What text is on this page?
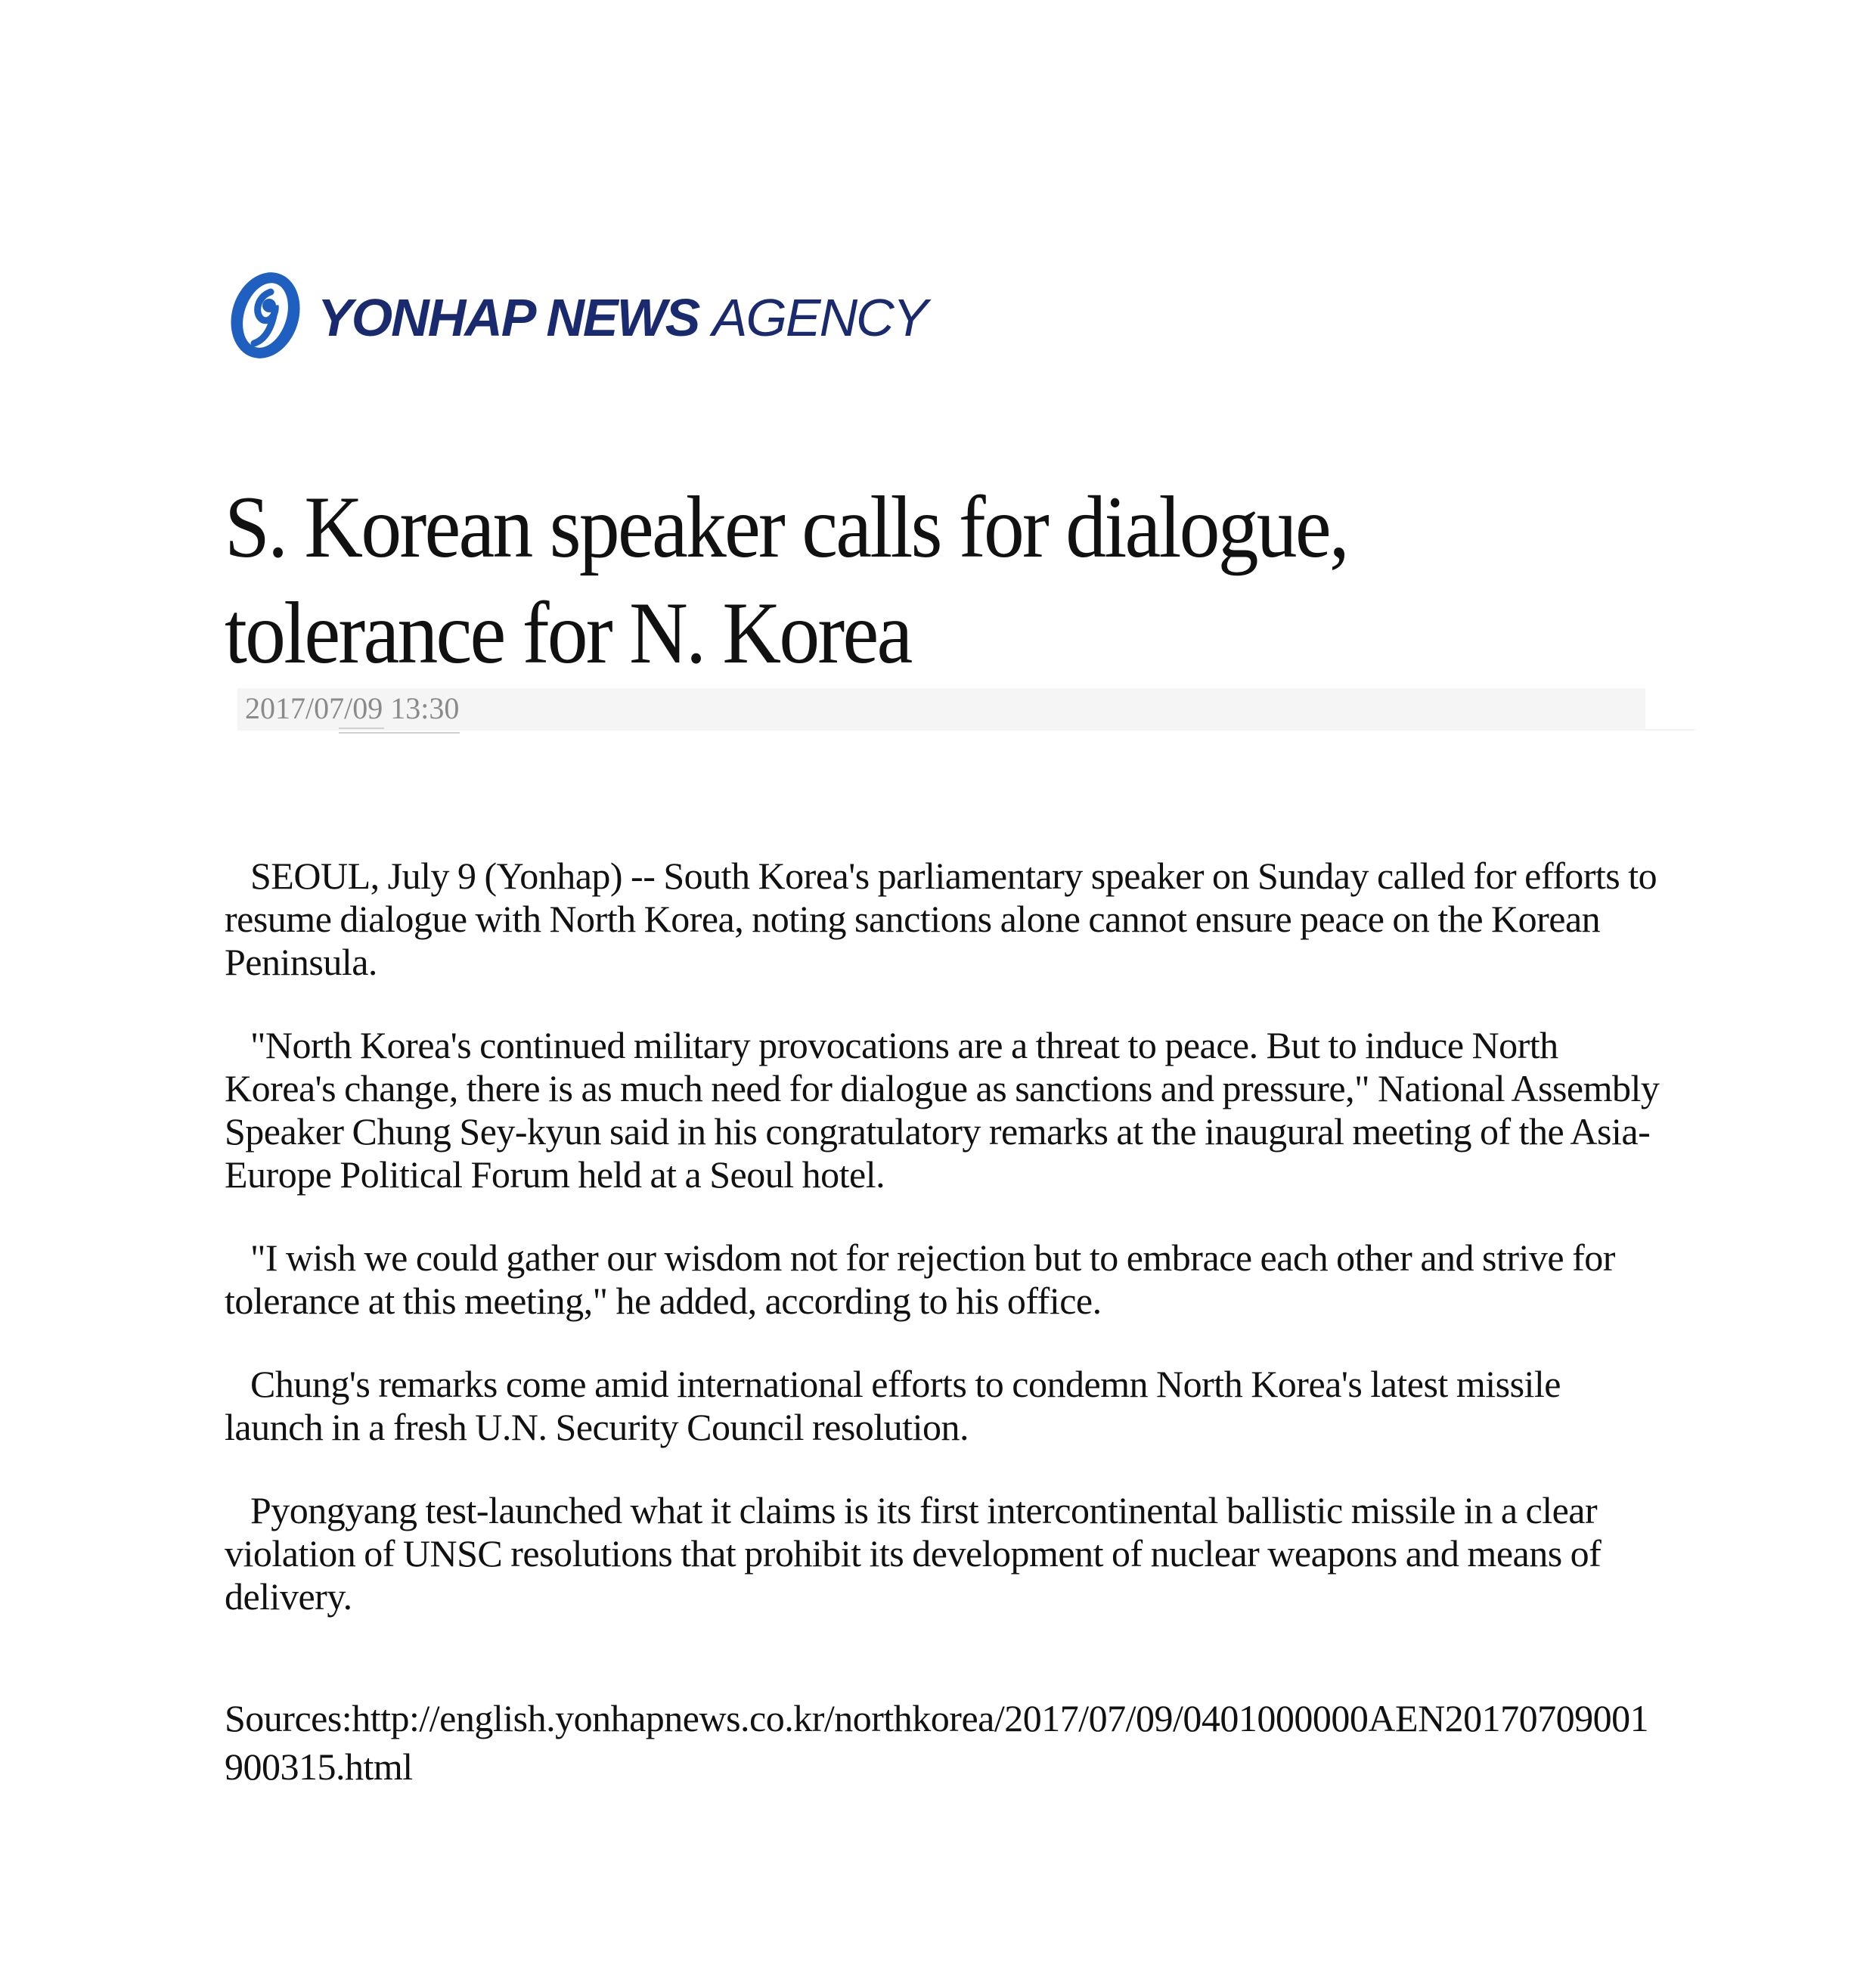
YONHAP NEWS AGENCY
S. Korean speaker calls for dialogue, tolerance for N. Korea
2017/07/09 13:30

SEOUL, July 9 (Yonhap) -- South Korea's parliamentary speaker on Sunday called for efforts to resume dialogue with North Korea, noting sanctions alone cannot ensure peace on the Korean Peninsula.

"North Korea's continued military provocations are a threat to peace. But to induce North Korea's change, there is as much need for dialogue as sanctions and pressure," National Assembly Speaker Chung Sey-kyun said in his congratulatory remarks at the inaugural meeting of the Asia-Europe Political Forum held at a Seoul hotel.

"I wish we could gather our wisdom not for rejection but to embrace each other and strive for tolerance at this meeting," he added, according to his office.

Chung's remarks come amid international efforts to condemn North Korea's latest missile launch in a fresh U.N. Security Council resolution.

Pyongyang test-launched what it claims is its first intercontinental ballistic missile in a clear violation of UNSC resolutions that prohibit its development of nuclear weapons and means of delivery.

Sources:http://english.yonhapnews.co.kr/northkorea/2017/07/09/0401000000AEN20170709001900315.html
